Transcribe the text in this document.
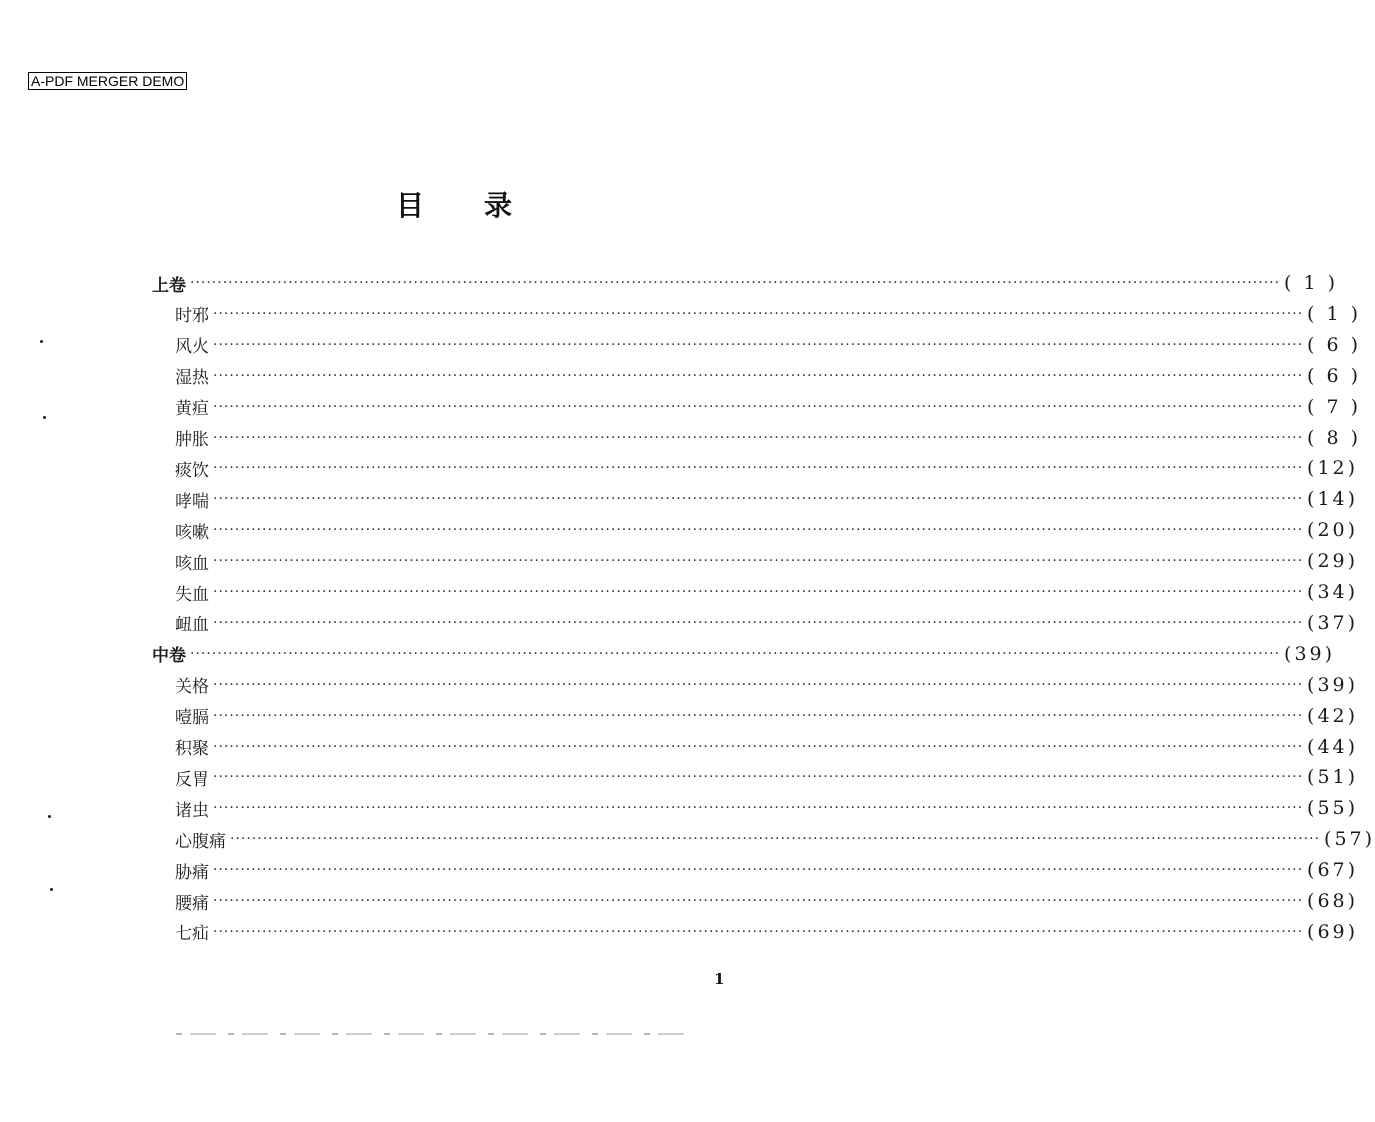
A-PDF MERGER DEMO
目 录
上卷 ········································································································································································································ ( 1 )
时邪 ········································································································································································································ ( 1 )
风火 ········································································································································································································ ( 6 )
湿热 ········································································································································································································ ( 6 )
黄疸 ········································································································································································································ ( 7 )
肿胀 ········································································································································································································ ( 8 )
痰饮 ········································································································································································································ (12)
哮喘 ········································································································································································································ (14)
咳嗽 ········································································································································································································ (20)
咳血 ········································································································································································································ (29)
失血 ········································································································································································································ (34)
衄血 ········································································································································································································ (37)
中卷 ········································································································································································································ (39)
关格 ········································································································································································································ (39)
噎膈 ········································································································································································································ (42)
积聚 ········································································································································································································ (44)
反胃 ········································································································································································································ (51)
诸虫 ········································································································································································································ (55)
心腹痛 ········································································································································································································ (57)
胁痛 ········································································································································································································ (67)
腰痛 ········································································································································································································ (68)
七疝 ········································································································································································································ (69)
1
